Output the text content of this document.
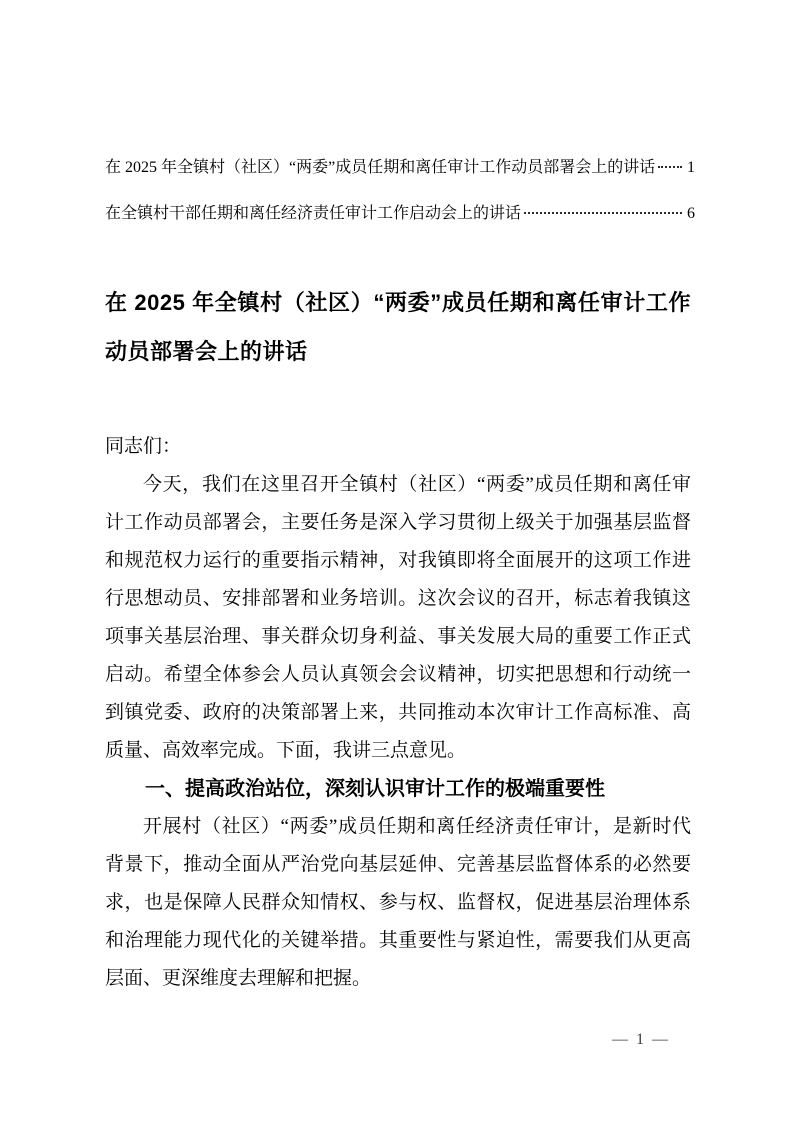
在 2025 年全镇村（社区）“两委”成员任期和离任审计工作动员部署会上的讲话 1
在全镇村干部任期和离任经济责任审计工作启动会上的讲话	6
在 2025 年全镇村（社区）“两委”成员任期和离任审计工作动员部署会上的讲话

同志们：

今天，我们在这里召开全镇村（社区）“两委”成员任期和离任审计工作动员部署会，主要任务是深入学习贯彻上级关于加强基层监督和规范权力运行的重要指示精神，对我镇即将全面展开的这项工作进行思想动员、安排部署和业务培训。这次会议的召开，标志着我镇这项事关基层治理、事关群众切身利益、事关发展大局的重要工作正式启动。希望全体参会人员认真领会会议精神，切实把思想和行动统一到镇党委、政府的决策部署上来，共同推动本次审计工作高标准、高质量、高效率完成。下面，我讲三点意见。

一、提高政治站位，深刻认识审计工作的极端重要性

开展村（社区）“两委”成员任期和离任经济责任审计，是新时代背景下，推动全面从严治党向基层延伸、完善基层监督体系的必然要求，也是保障人民群众知情权、参与权、监督权，促进基层治理体系和治理能力现代化的关键举措。其重要性与紧迫性，需要我们从更高层面、更深维度去理解和把握。

— 1 —
